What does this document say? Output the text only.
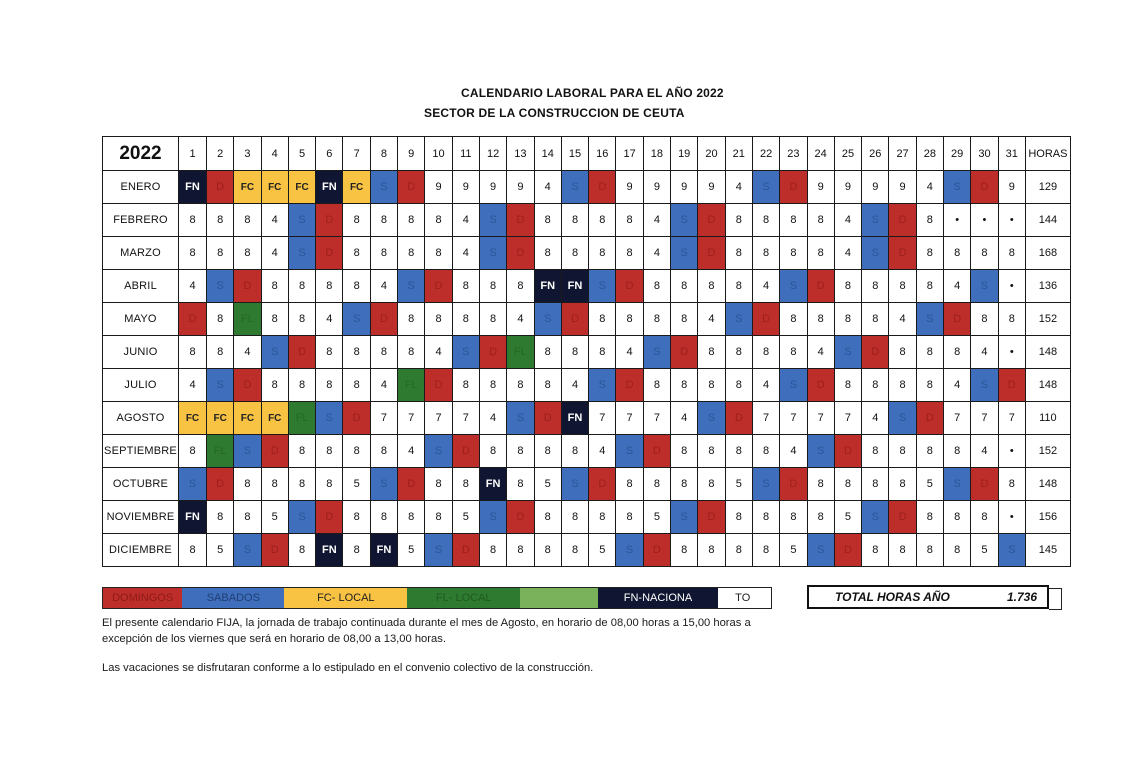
CALENDARIO LABORAL PARA EL AÑO 2022
SECTOR DE LA CONSTRUCCION DE CEUTA
2022	1	2	3	4	5	6	7	8	9	10	11	12	13	14	15	16	17	18	19	20	21	22	23	24	25	26	27	28	29	30	31	HORAS
ENERO	FN	D	FC	FC	FC	FN	FC	S	D	9	9	9	9	4	S	D	9	9	9	9	4	S	D	9	9	9	9	4	S	D	9	129
FEBRERO	8	8	8	4	S	D	8	8	8	8	4	S	D	8	8	8	8	4	S	D	8	8	8	8	4	S	D	8	•	•	•	144
MARZO	8	8	8	4	S	D	8	8	8	8	4	S	D	8	8	8	8	4	S	D	8	8	8	8	4	S	D	8	8	8	8	168
ABRIL	4	S	D	8	8	8	8	4	S	D	8	8	8	FN	FN	S	D	8	8	8	8	4	S	D	8	8	8	8	4	S	•	136
MAYO	D	8	FL	8	8	4	S	D	8	8	8	8	4	S	D	8	8	8	8	4	S	D	8	8	8	8	4	S	D	8	8	152
JUNIO	8	8	4	S	D	8	8	8	8	4	S	D	FL	8	8	8	4	S	D	8	8	8	8	4	S	D	8	8	8	4	•	148
JULIO	4	S	D	8	8	8	8	4	FL	D	8	8	8	8	4	S	D	8	8	8	8	4	S	D	8	8	8	8	4	S	D	148
AGOSTO	FC	FC	FC	FC	FL	S	D	7	7	7	7	4	S	D	FN	7	7	7	4	S	D	7	7	7	7	4	S	D	7	7	7	110
SEPTIEMBRE	8	FL	S	D	8	8	8	8	4	S	D	8	8	8	8	4	S	D	8	8	8	8	4	S	D	8	8	8	8	4	•	152
OCTUBRE	S	D	8	8	8	8	5	S	D	8	8	FN	8	5	S	D	8	8	8	8	5	S	D	8	8	8	8	5	S	D	8	148
NOVIEMBRE	FN	8	8	5	S	D	8	8	8	8	5	S	D	8	8	8	8	5	S	D	8	8	8	8	5	S	D	8	8	8	•	156
DICIEMBRE	8	5	S	D	8	FN	8	FN	5	S	D	8	8	8	8	5	S	D	8	8	8	8	5	S	D	8	8	8	8	5	S	145
DOMINGOS	SABADOS	FC- LOCAL	FL- LOCAL	FN-NACIONA	TO	TOTAL HORAS AÑO	1.736
El presente calendario FIJA, la jornada de trabajo continuada durante el mes de Agosto, en horario de 08,00 horas a 15,00 horas a excepción de los viernes que será en horario de 08,00 a 13,00 horas.
Las vacaciones se disfrutaran conforme a lo estipulado en el convenio colectivo de la construcción.
